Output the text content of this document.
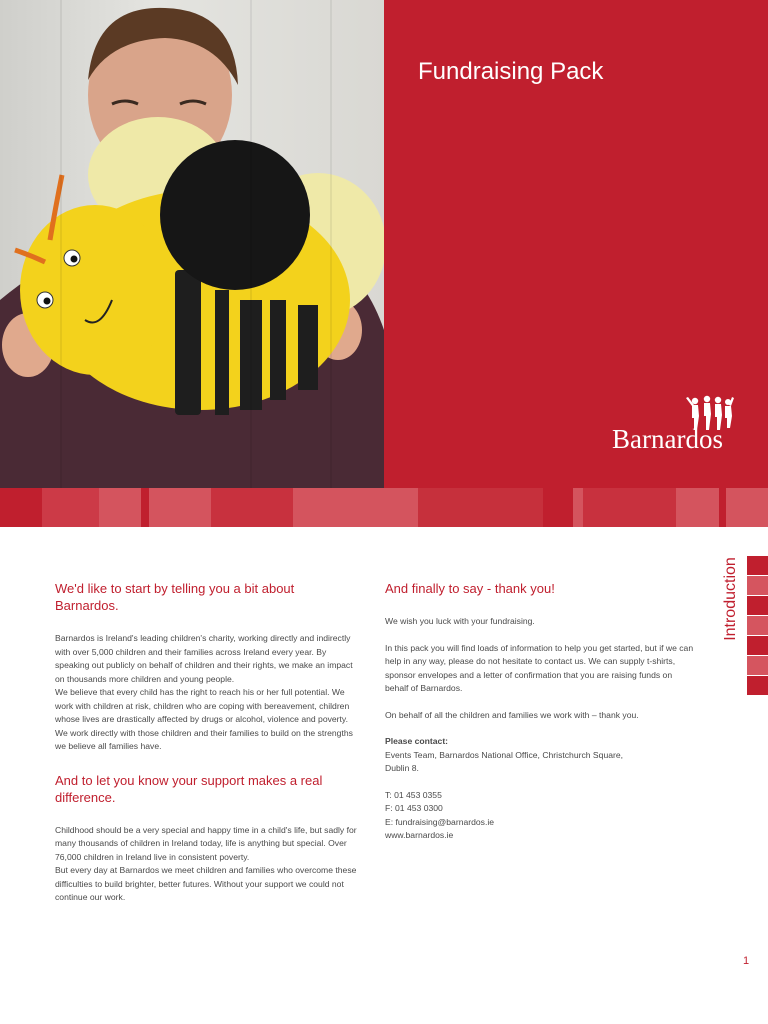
Fundraising Pack
Barnardos
We'd like to start by telling you a bit about Barnardos.

Barnardos is Ireland's leading children's charity, working directly and indirectly with over 5,000 children and their families across Ireland every year. By speaking out publicly on behalf of children and their rights, we make an impact on thousands more children and young people.

We believe that every child has the right to reach his or her full potential. We work with children at risk, children who are coping with bereavement, children whose lives are drastically affected by drugs or alcohol, violence and poverty. We work directly with those children and their families to build on the strengths we believe all families have.

And to let you know your support makes a real difference.

Childhood should be a very special and happy time in a child's life, but sadly for many thousands of children in Ireland today, life is anything but special. Over 76,000 children in Ireland live in consistent poverty.

But every day at Barnardos we meet children and families who overcome these difficulties to build brighter, better futures. Without your support we could not continue our work.

And finally to say - thank you!

We wish you luck with your fundraising.

In this pack you will find loads of information to help you get started, but if we can help in any way, please do not hesitate to contact us. We can supply t-shirts, sponsor envelopes and a letter of confirmation that you are raising funds on behalf of Barnardos.

On behalf of all the children and families we work with – thank you.

Please contact:

Events Team, Barnardos National Office, Christchurch Square,

Dublin 8.

T: 01 453 0355

F: 01 453 0300

E: fundraising@barnardos.ie

www.barnardos.ie

Introduction
1
